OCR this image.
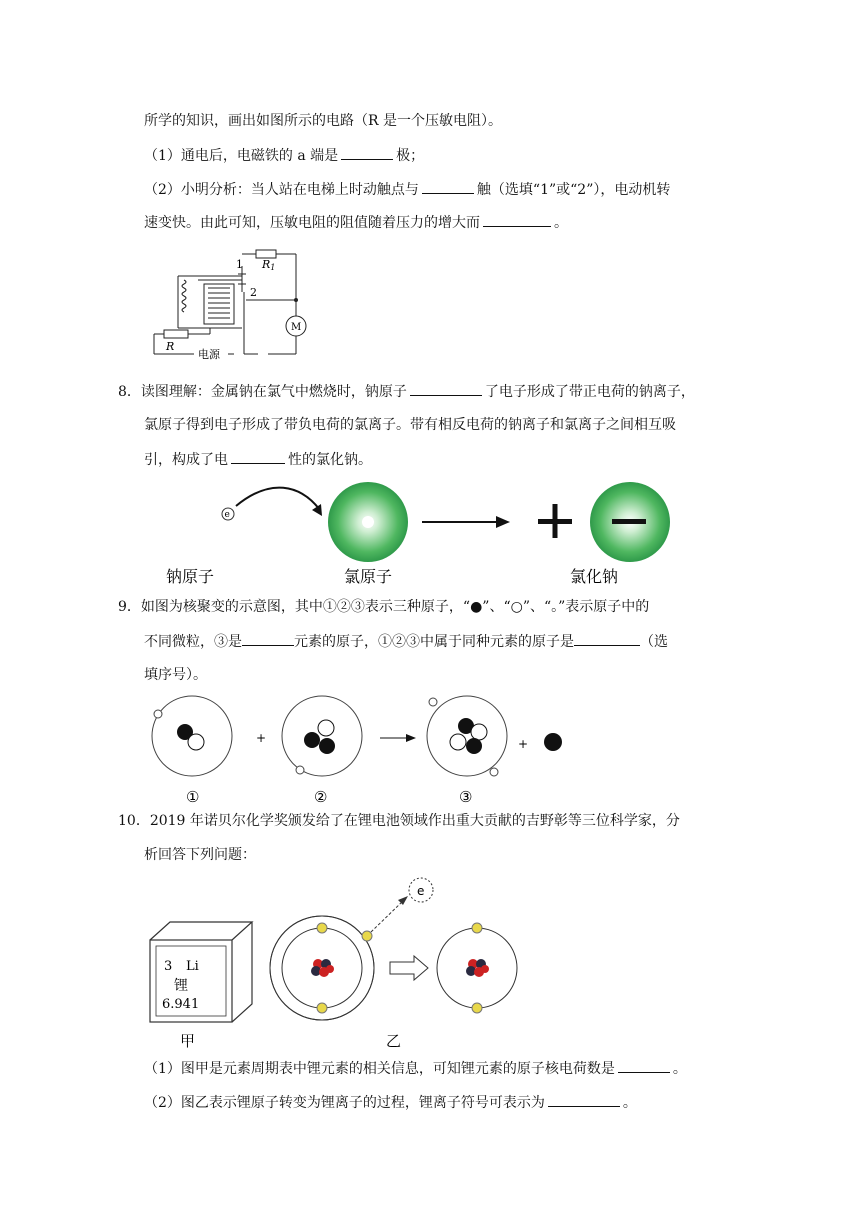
所学的知识，画出如图所示的电路（R 是一个压敏电阻）。
（1）通电后，电磁铁的 a 端是	极；
（2）小明分析：当人站在电梯上时动触点与	触（选填“1”或“2”），电动机转
速变快。由此可知，压敏电阻的阻值随着压力的增大而	。
1
2
R1
M
R
电源
8．读图理解：金属钠在氯气中燃烧时，钠原子	了电子形成了带正电荷的钠离子，
氯原子得到电子形成了带负电荷的氯离子。带有相反电荷的钠离子和氯离子之间相互吸
引，构成了电	性的氯化钠。
e
钠原子	氯原子	氯化钠
9．如图为核聚变的示意图，其中①②③表示三种原子，“●”、“○”、“。”表示原子中的
不同微粒，③是	元素的原子，①②③中属于同种元素的原子是	（选
填序号）。
+	+
①	②	③
10．2019 年诺贝尔化学奖颁发给了在锂电池领域作出重大贡献的吉野彰等三位科学家，分
析回答下列问题：
3 Li
锂
6.941
甲
e
乙
（1）图甲是元素周期表中锂元素的相关信息，可知锂元素的原子核电荷数是	。
（2）图乙表示锂原子转变为锂离子的过程，锂离子符号可表示为	。
